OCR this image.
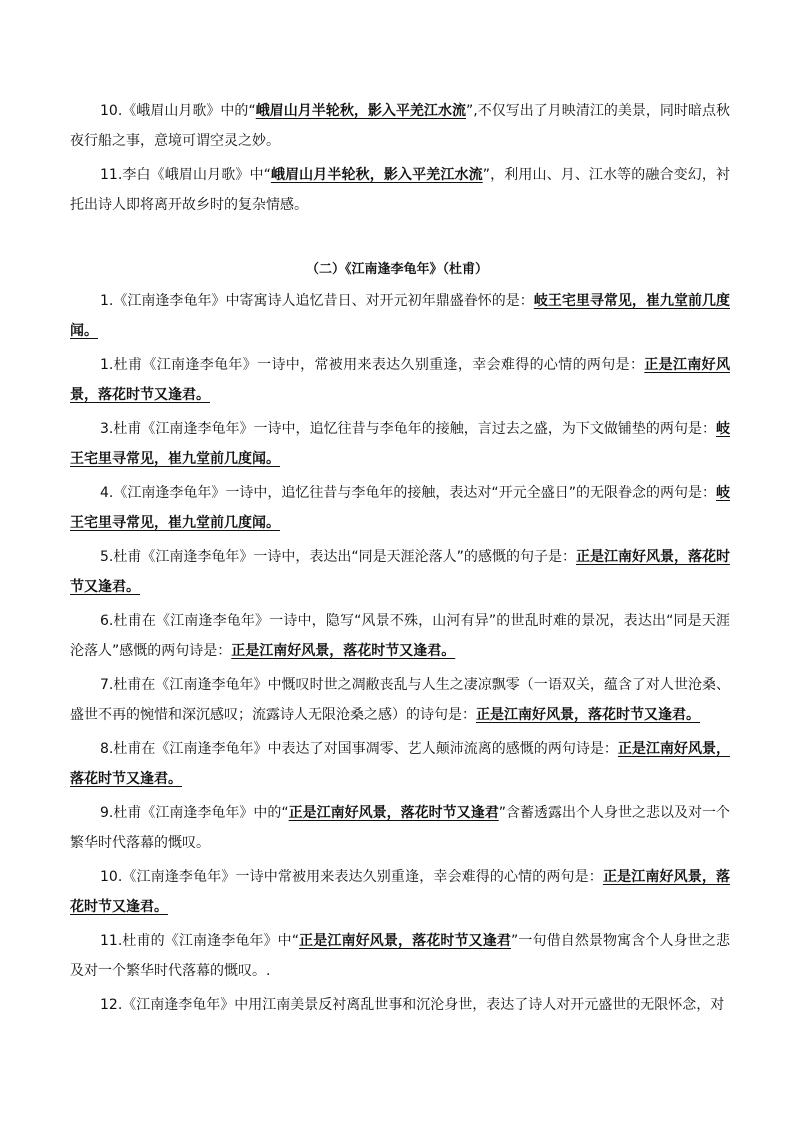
10.《峨眉山月歌》中的“峨眉山月半轮秋，影入平羌江水流”,不仅写出了月映清江的美景，同时暗点秋夜行船之事，意境可谓空灵之妙。

11.李白《峨眉山月歌》中“峨眉山月半轮秋，影入平羌江水流”，利用山、月、江水等的融合变幻，衬托出诗人即将离开故乡时的复杂情感。

（二）《江南逢李龟年》（杜甫）

1.《江南逢李龟年》中寄寓诗人追忆昔日、对开元初年鼎盛眷怀的是：岐王宅里寻常见，崔九堂前几度闻。

1.杜甫《江南逢李龟年》一诗中，常被用来表达久别重逢，幸会难得的心情的两句是：正是江南好风景，落花时节又逢君。

3.杜甫《江南逢李龟年》一诗中，追忆往昔与李龟年的接触，言过去之盛，为下文做铺垫的两句是：岐王宅里寻常见，崔九堂前几度闻。

4.《江南逢李龟年》一诗中，追忆往昔与李龟年的接触，表达对“开元全盛日”的无限眷念的两句是：岐王宅里寻常见，崔九堂前几度闻。

5.杜甫《江南逢李龟年》一诗中，表达出“同是天涯沦落人”的感慨的句子是：正是江南好风景，落花时节又逢君。

6.杜甫在《江南逢李龟年》一诗中，隐写“风景不殊，山河有异”的世乱时难的景况，表达出“同是天涯沦落人”感慨的两句诗是：正是江南好风景，落花时节又逢君。

7.杜甫在《江南逢李龟年》中慨叹时世之凋敝丧乱与人生之凄凉飘零（一语双关，蕴含了对人世沧桑、盛世不再的惋惜和深沉感叹；流露诗人无限沧桑之感）的诗句是：正是江南好风景，落花时节又逢君。

8.杜甫在《江南逢李龟年》中表达了对国事凋零、艺人颠沛流离的感慨的两句诗是：正是江南好风景，落花时节又逢君。

9.杜甫《江南逢李龟年》中的“正是江南好风景，落花时节又逢君”含蓄透露出个人身世之悲以及对一个繁华时代落幕的慨叹。

10.《江南逢李龟年》一诗中常被用来表达久别重逢，幸会难得的心情的两句是：正是江南好风景，落花时节又逢君。

11.杜甫的《江南逢李龟年》中“正是江南好风景，落花时节又逢君”一句借自然景物寓含个人身世之悲及对一个繁华时代落幕的慨叹。.

12.《江南逢李龟年》中用江南美景反衬离乱世事和沉沦身世，表达了诗人对开元盛世的无限怀念，对
